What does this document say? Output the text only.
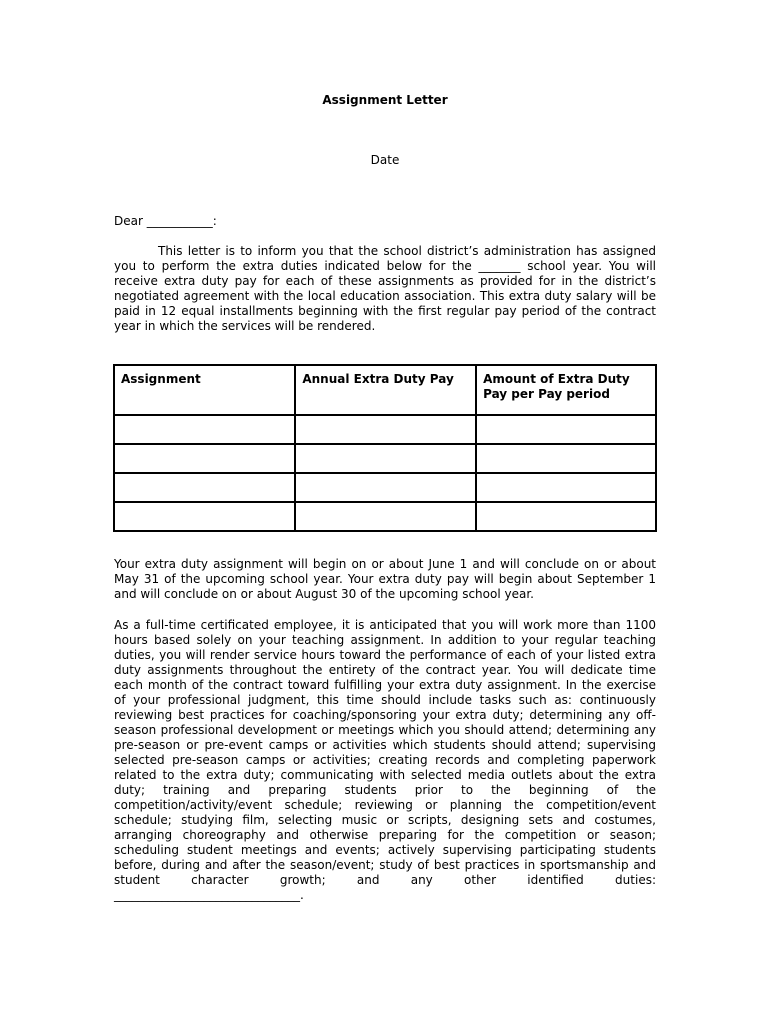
Assignment Letter
Date
Dear ___________:
This letter is to inform you that the school district’s administration has assigned you to perform the extra duties indicated below for the _______ school year. You will receive extra duty pay for each of these assignments as provided for in the district’s negotiated agreement with the local education association. This extra duty salary will be paid in 12 equal installments beginning with the first regular pay period of the contract year in which the services will be rendered.
Assignment	Annual Extra Duty Pay	Amount of Extra Duty Pay per Pay period

Your extra duty assignment will begin on or about June 1 and will conclude on or about May 31 of the upcoming school year. Your extra duty pay will begin about September 1 and will conclude on or about August 30 of the upcoming school year.
As a full-time certificated employee, it is anticipated that you will work more than 1100 hours based solely on your teaching assignment. In addition to your regular teaching duties, you will render service hours toward the performance of each of your listed extra duty assignments throughout the entirety of the contract year. You will dedicate time each month of the contract toward fulfilling your extra duty assignment. In the exercise of your professional judgment, this time should include tasks such as: continuously reviewing best practices for coaching/sponsoring your extra duty; determining any off-season professional development or meetings which you should attend; determining any pre-season or pre-event camps or activities which students should attend; supervising selected pre-season camps or activities; creating records and completing paperwork related to the extra duty; communicating with selected media outlets about the extra duty; training and preparing students prior to the beginning of the competition/activity/event schedule; reviewing or planning the competition/event schedule; studying film, selecting music or scripts, designing sets and costumes, arranging choreography and otherwise preparing for the competition or season; scheduling student meetings and events; actively supervising participating students before, during and after the season/event; study of best practices in sportsmanship and student character growth; and any other identified duties: _______________________________.
